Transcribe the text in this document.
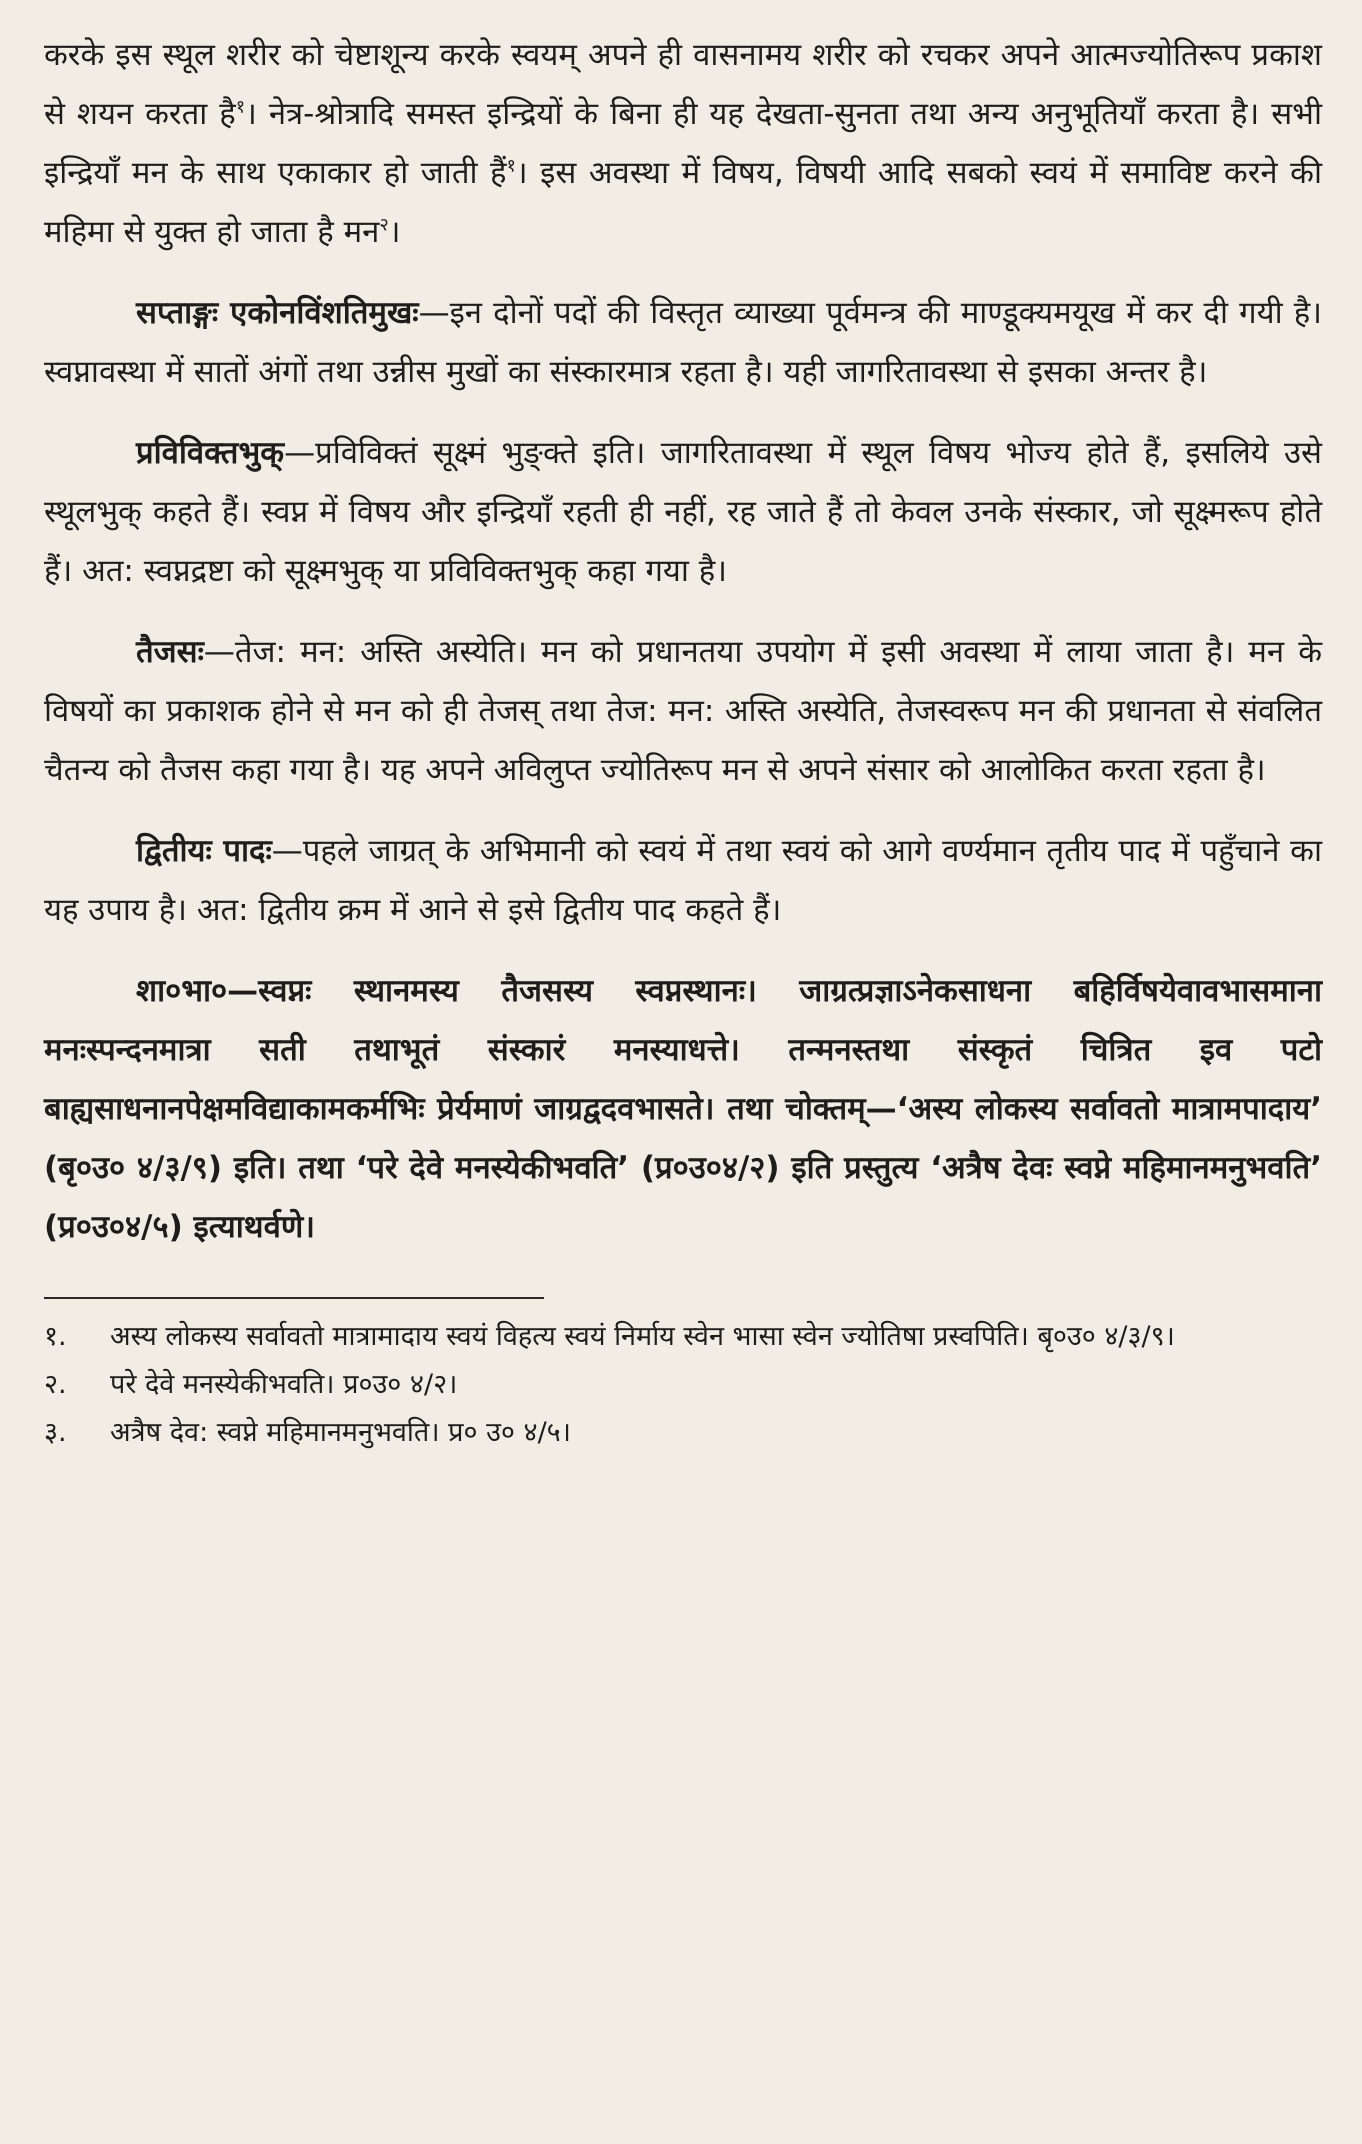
करके इस स्थूल शरीर को चेष्टाशून्य करके स्वयम् अपने ही वासनामय शरीर को रचकर अपने आत्मज्योतिरूप प्रकाश से शयन करता है$^१$। नेत्र-श्रोत्रादि समस्त इन्द्रियों के बिना ही यह देखता-सुनता तथा अन्य अनुभूतियाँ करता है। सभी इन्द्रियाँ मन के साथ एकाकार हो जाती हैं$^१$। इस अवस्था में विषय, विषयी आदि सबको स्वयं में समाविष्ट करने की महिमा से युक्त हो जाता है मन$^२$।

सप्ताङ्गः एकोनविंशतिमुखः—इन दोनों पदों की विस्तृत व्याख्या पूर्वमन्त्र की माण्डूक्यमयूख में कर दी गयी है। स्वप्नावस्था में सातों अंगों तथा उन्नीस मुखों का संस्कारमात्र रहता है। यही जागरितावस्था से इसका अन्तर है।

प्रविविक्तभुक्—प्रविविक्तं सूक्ष्मं भुङ्क्ते इति। जागरितावस्था में स्थूल विषय भोज्य होते हैं, इसलिये उसे स्थूलभुक् कहते हैं। स्वप्न में विषय और इन्द्रियाँ रहती ही नहीं, रह जाते हैं तो केवल उनके संस्कार, जो सूक्ष्मरूप होते हैं। अत: स्वप्नद्रष्टा को सूक्ष्मभुक् या प्रविविक्तभुक् कहा गया है।

तैजसः—तेज: मन: अस्ति अस्येति। मन को प्रधानतया उपयोग में इसी अवस्था में लाया जाता है। मन के विषयों का प्रकाशक होने से मन को ही तेजस् तथा तेज: मन: अस्ति अस्येति, तेजस्वरूप मन की प्रधानता से संवलित चैतन्य को तैजस कहा गया है। यह अपने अविलुप्त ज्योतिरूप मन से अपने संसार को आलोकित करता रहता है।

द्वितीयः पादः—पहले जाग्रत् के अभिमानी को स्वयं में तथा स्वयं को आगे वर्ण्यमान तृतीय पाद में पहुँचाने का यह उपाय है। अत: द्वितीय क्रम में आने से इसे द्वितीय पाद कहते हैं।

शा०भा०—स्वप्नः स्थानमस्य तैजसस्य स्वप्नस्थानः। जाग्रत्प्रज्ञाऽनेकसाधना बहिर्विषयेवावभासमाना मनःस्पन्दनमात्रा सती तथाभूतं संस्कारं मनस्याधत्ते। तन्मनस्तथा संस्कृतं चित्रित इव पटो बाह्यसाधनानपेक्षमविद्याकामकर्मभिः प्रेर्यमाणं जाग्रद्वदवभासते। तथा चोक्तम्—‘अस्य लोकस्य सर्वावतो मात्रामपादाय’ (बृ०उ० ४/३/९) इति। तथा ‘परे देवे मनस्येकीभवति’ (प्र०उ०४/२) इति प्रस्तुत्य ‘अत्रैष देवः स्वप्ने महिमानमनुभवति’ (प्र०उ०४/५) इत्याथर्वणे।

१.	अस्य लोकस्य सर्वावतो मात्रामादाय स्वयं विहत्य स्वयं निर्माय स्वेन भासा स्वेन ज्योतिषा प्रस्वपिति। बृ०उ० ४/३/९।

२.	परे देवे मनस्येकीभवति। प्र०उ० ४/२।

३.	अत्रैष देव: स्वप्ने महिमानमनुभवति। प्र० उ० ४/५।
